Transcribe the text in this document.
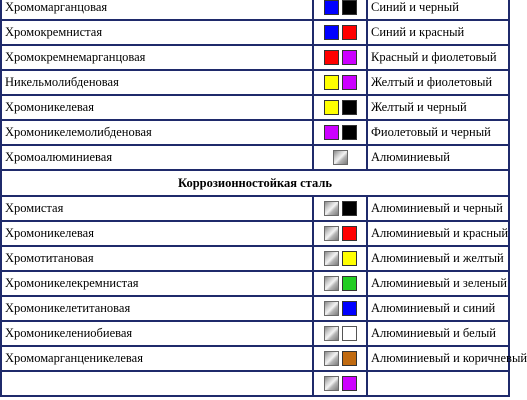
Хромомарганцовая		Синий и черный
Хромокремнистая		Синий и красный
Хромокремнемарганцовая		Красный и фиолетовый
Никельмолибденовая		Желтый и фиолетовый
Хромоникелевая		Желтый и черный
Хромоникелемолибденовая		Фиолетовый и черный
Хромоалюминиевая		Алюминиевый
Коррозионностойкая сталь		
Хромистая		Алюминиевый и черный
Хромоникелевая		Алюминиевый и красный
Хромотитановая		Алюминиевый и желтый
Хромоникелекремнистая		Алюминиевый и зеленый
Хромоникелетитановая		Алюминиевый и синий
Хромоникелениобиевая		Алюминиевый и белый
Хромомарганценикелевая		Алюминиевый и коричневый
